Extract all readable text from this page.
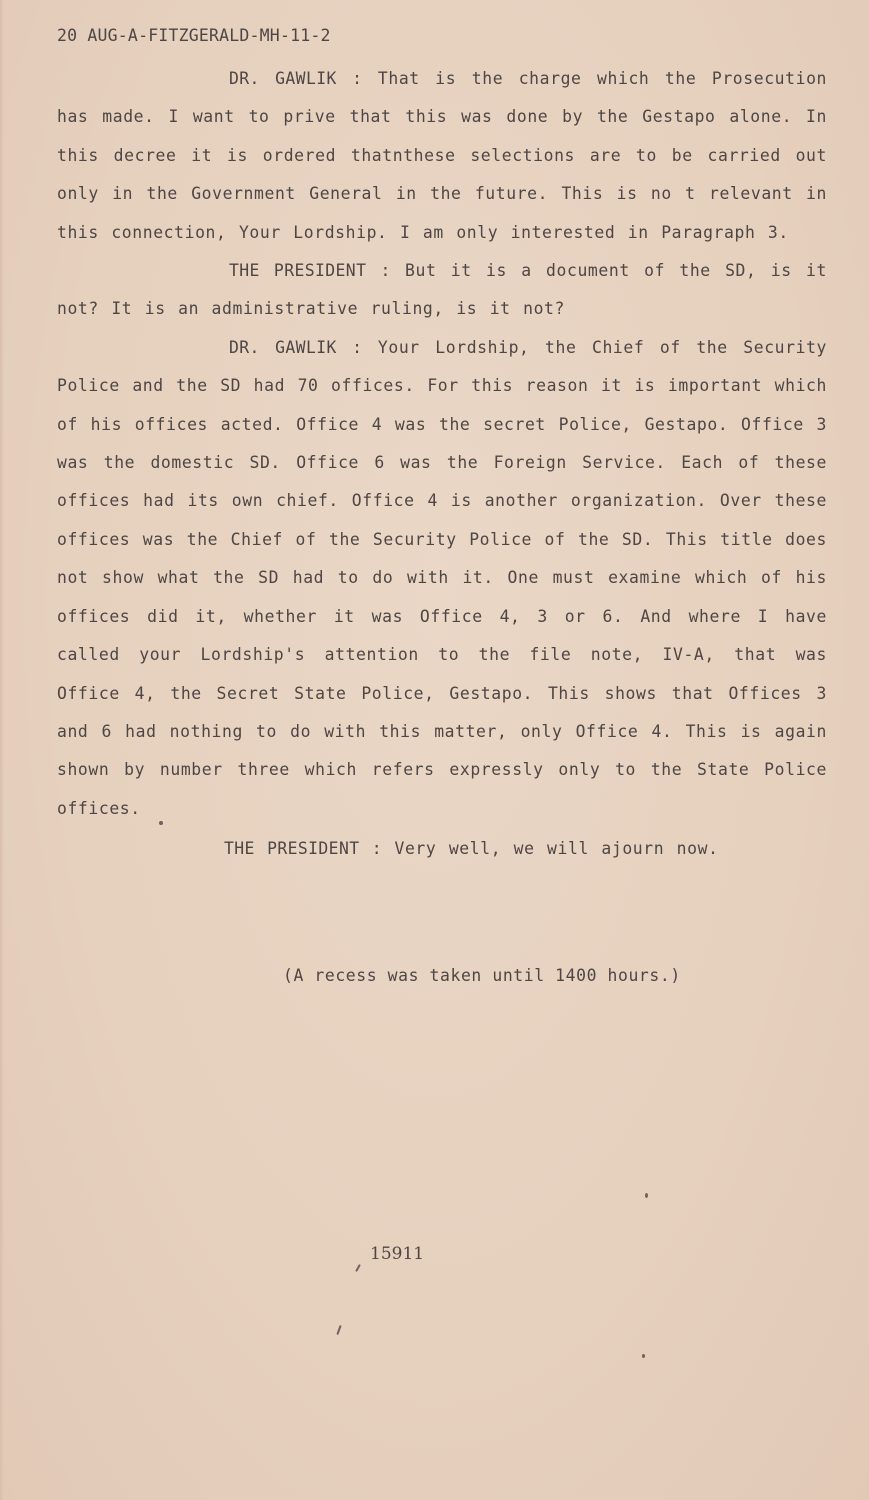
20 AUG-A-FITZGERALD-MH-11-2

DR. GAWLIK : That is the charge which the Prosecution has made. I want to prive that this was done by the Gestapo alone. In this decree it is ordered thatnthese selections are to be carried out only in the Government General in the future. This is no t relevant in this connection, Your Lordship. I am only interested in Paragraph 3.

THE PRESIDENT : But it is a document of the SD, is it not? It is an administrative ruling, is it not?

DR. GAWLIK : Your Lordship, the Chief of the Security Police and the SD had 70 offices. For this reason it is important which of his offices acted. Office 4 was the secret Police, Gestapo. Office 3 was the domestic SD. Office 6 was the Foreign Service. Each of these offices had its own chief. Office 4 is another organization. Over these offices was the Chief of the Security Police of the SD. This title does not show what the SD had to do with it. One must examine which of his offices did it, whether it was Office 4, 3 or 6. And where I have called your Lordship's attention to the file note, IV-A, that was Office 4, the Secret State Police, Gestapo. This shows that Offices 3 and 6 had nothing to do with this matter, only Office 4. This is again shown by number three which refers expressly only to the State Police offices.

THE PRESIDENT : Very well, we will ajourn now.

(A recess was taken until 1400 hours.)
15911
